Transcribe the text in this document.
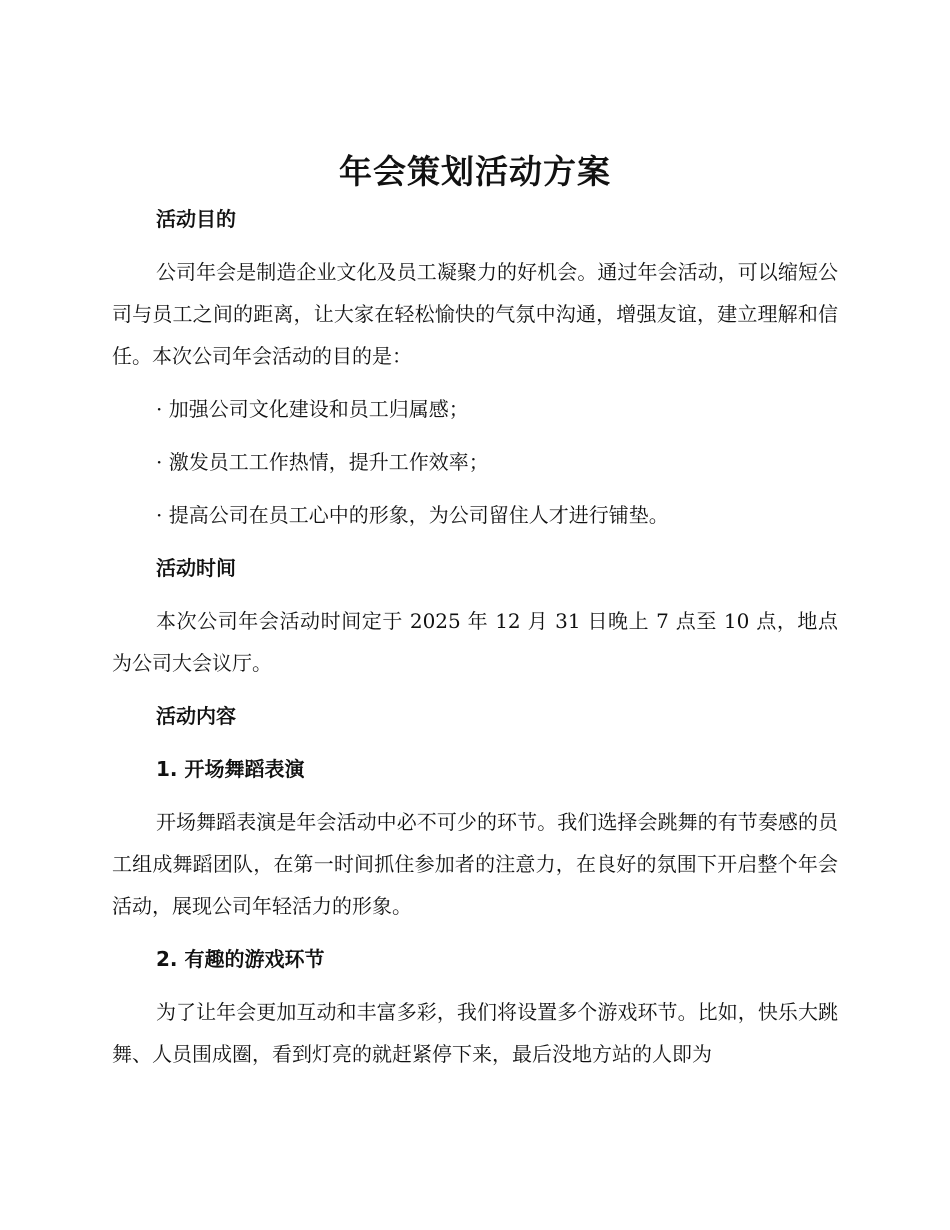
年会策划活动方案
活动目的
公司年会是制造企业文化及员工凝聚力的好机会。通过年会活动，可以缩短公司与员工之间的距离，让大家在轻松愉快的气氛中沟通，增强友谊，建立理解和信任。本次公司年会活动的目的是：
· 加强公司文化建设和员工归属感；
· 激发员工工作热情，提升工作效率；
· 提高公司在员工心中的形象，为公司留住人才进行铺垫。
活动时间
本次公司年会活动时间定于 2025 年 12 月 31 日晚上 7 点至 10 点，地点为公司大会议厅。
活动内容
1. 开场舞蹈表演
开场舞蹈表演是年会活动中必不可少的环节。我们选择会跳舞的有节奏感的员工组成舞蹈团队，在第一时间抓住参加者的注意力，在良好的氛围下开启整个年会活动，展现公司年轻活力的形象。
2. 有趣的游戏环节
为了让年会更加互动和丰富多彩，我们将设置多个游戏环节。比如，快乐大跳舞、人员围成圈，看到灯亮的就赶紧停下来，最后没地方站的人即为
